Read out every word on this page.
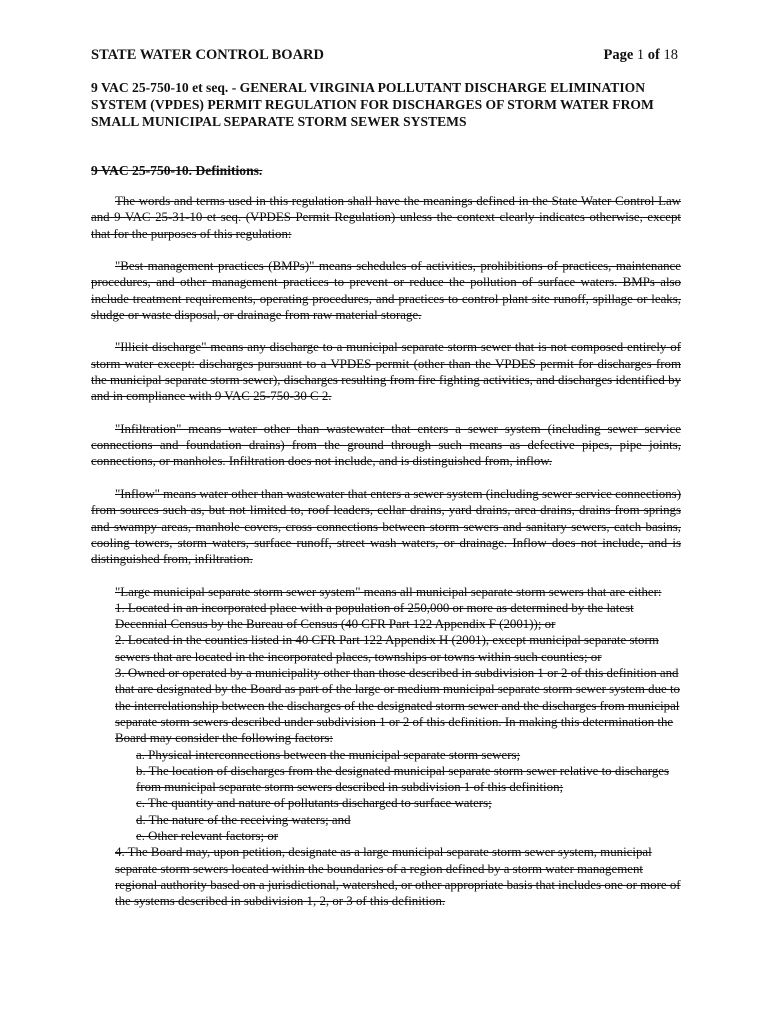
STATE WATER CONTROL BOARD	Page 1 of 18
9 VAC 25-750-10 et seq. - GENERAL VIRGINIA POLLUTANT DISCHARGE ELIMINATION SYSTEM (VPDES) PERMIT REGULATION FOR DISCHARGES OF STORM WATER FROM SMALL MUNICIPAL SEPARATE STORM SEWER SYSTEMS
9 VAC 25-750-10. Definitions.

The words and terms used in this regulation shall have the meanings defined in the State Water Control Law and 9 VAC 25-31-10 et seq. (VPDES Permit Regulation) unless the context clearly indicates otherwise, except that for the purposes of this regulation:

"Best management practices (BMPs)" means schedules of activities, prohibitions of practices, maintenance procedures, and other management practices to prevent or reduce the pollution of surface waters. BMPs also include treatment requirements, operating procedures, and practices to control plant site runoff, spillage or leaks, sludge or waste disposal, or drainage from raw material storage.

"Illicit discharge" means any discharge to a municipal separate storm sewer that is not composed entirely of storm water except: discharges pursuant to a VPDES permit (other than the VPDES permit for discharges from the municipal separate storm sewer), discharges resulting from fire fighting activities, and discharges identified by and in compliance with 9 VAC 25-750-30 C 2.

"Infiltration" means water other than wastewater that enters a sewer system (including sewer service connections and foundation drains) from the ground through such means as defective pipes, pipe joints, connections, or manholes. Infiltration does not include, and is distinguished from, inflow.

"Inflow" means water other than wastewater that enters a sewer system (including sewer service connections) from sources such as, but not limited to, roof leaders, cellar drains, yard drains, area drains, drains from springs and swampy areas, manhole covers, cross connections between storm sewers and sanitary sewers, catch basins, cooling towers, storm waters, surface runoff, street wash waters, or drainage. Inflow does not include, and is distinguished from, infiltration.

"Large municipal separate storm sewer system" means all municipal separate storm sewers that are either:

1. Located in an incorporated place with a population of 250,000 or more as determined by the latest Decennial Census by the Bureau of Census (40 CFR Part 122 Appendix F (2001)); or
2. Located in the counties listed in 40 CFR Part 122 Appendix H (2001), except municipal separate storm sewers that are located in the incorporated places, townships or towns within such counties; or
3. Owned or operated by a municipality other than those described in subdivision 1 or 2 of this definition and that are designated by the Board as part of the large or medium municipal separate storm sewer system due to the interrelationship between the discharges of the designated storm sewer and the discharges from municipal separate storm sewers described under subdivision 1 or 2 of this definition. In making this determination the Board may consider the following factors:
a. Physical interconnections between the municipal separate storm sewers;
b. The location of discharges from the designated municipal separate storm sewer relative to discharges from municipal separate storm sewers described in subdivision 1 of this definition;
c. The quantity and nature of pollutants discharged to surface waters;
d. The nature of the receiving waters; and
e. Other relevant factors; or
4. The Board may, upon petition, designate as a large municipal separate storm sewer system, municipal separate storm sewers located within the boundaries of a region defined by a storm water management regional authority based on a jurisdictional, watershed, or other appropriate basis that includes one or more of the systems described in subdivision 1, 2, or 3 of this definition.
